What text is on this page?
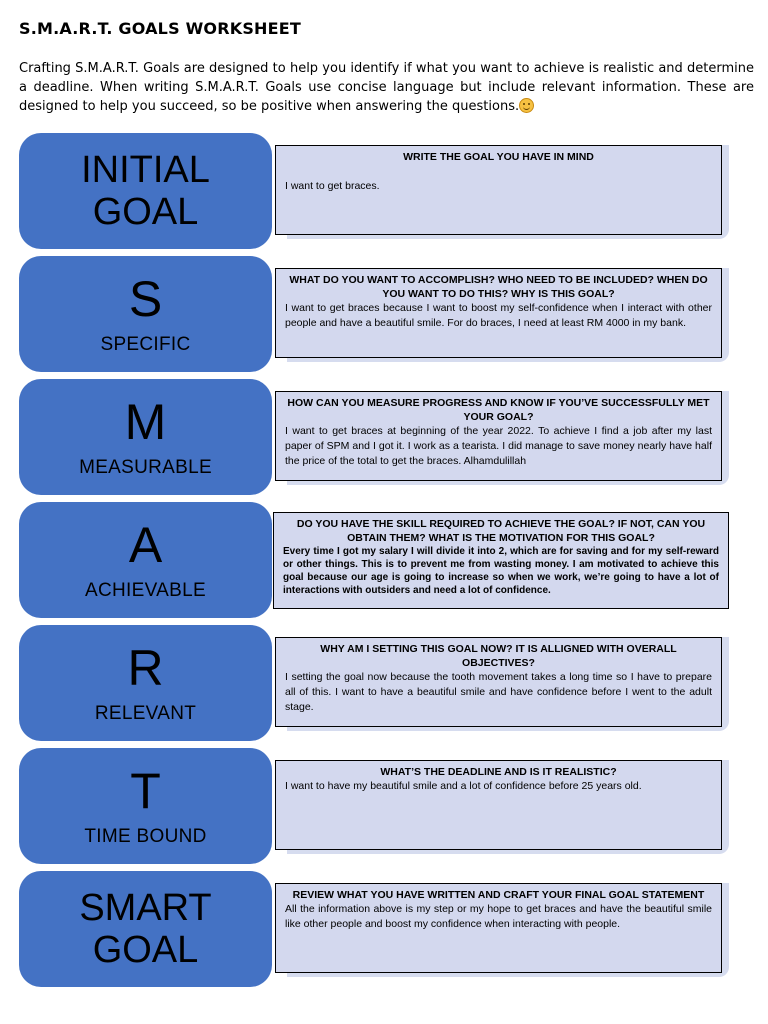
S.M.A.R.T. GOALS WORKSHEET
Crafting S.M.A.R.T. Goals are designed to help you identify if what you want to achieve is realistic and determine a deadline. When writing S.M.A.R.T. Goals use concise language but include relevant information. These are designed to help you succeed, so be positive when answering the questions.
INITIAL
GOAL
WRITE THE GOAL YOU HAVE IN MIND
I want to get braces.
S
SPECIFIC
WHAT DO YOU WANT TO ACCOMPLISH? WHO NEED TO BE INCLUDED? WHEN DO YOU WANT TO DO THIS? WHY IS THIS GOAL?
I want to get braces because I want to boost my self-confidence when I interact with other people and have a beautiful smile. For do braces, I need at least RM 4000 in my bank.
M
MEASURABLE
HOW CAN YOU MEASURE PROGRESS AND KNOW IF YOU’VE SUCCESSFULLY MET YOUR GOAL?
I want to get braces at beginning of the year 2022. To achieve I find a job after my last paper of SPM and I got it. I work as a tearista. I did manage to save money nearly have half the price of the total to get the braces. Alhamdulillah
A
ACHIEVABLE
DO YOU HAVE THE SKILL REQUIRED TO ACHIEVE THE GOAL? IF NOT, CAN YOU OBTAIN THEM? WHAT IS THE MOTIVATION FOR THIS GOAL?
Every time I got my salary I will divide it into 2, which are for saving and for my self-reward or other things. This is to prevent me from wasting money. I am motivated to achieve this goal because our age is going to increase so when we work, we’re going to have a lot of interactions with outsiders and need a lot of confidence.
R
RELEVANT
WHY AM I SETTING THIS GOAL NOW? IT IS ALLIGNED WITH OVERALL OBJECTIVES?
I setting the goal now because the tooth movement takes a long time so I have to prepare all of this. I want to have a beautiful smile and have confidence before I went to the adult stage.
T
TIME BOUND
WHAT’S THE DEADLINE AND IS IT REALISTIC?
I want to have my beautiful smile and a lot of confidence before 25 years old.
SMART
GOAL
REVIEW WHAT YOU HAVE WRITTEN AND CRAFT YOUR FINAL GOAL STATEMENT
All the information above is my step or my hope to get braces and have the beautiful smile like other people and boost my confidence when interacting with people.
